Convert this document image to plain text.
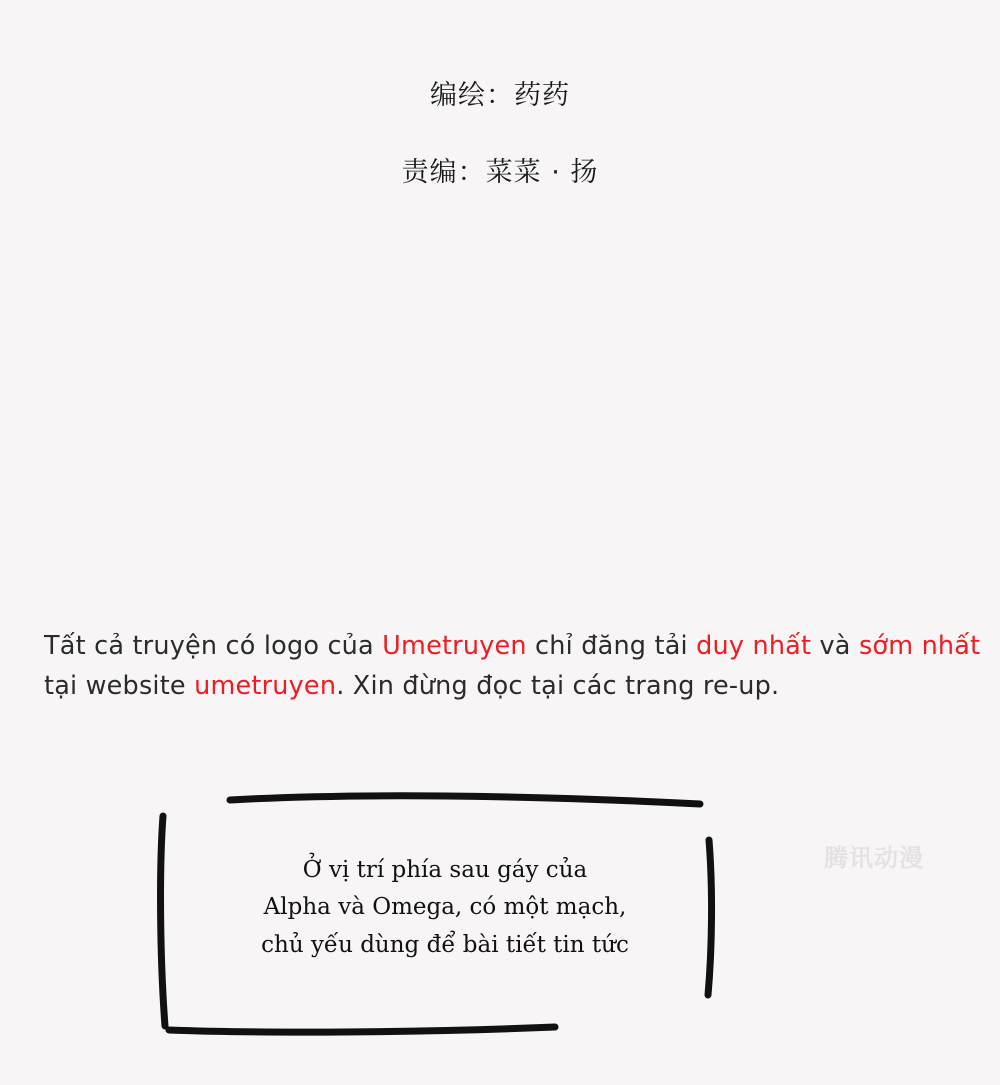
编绘：药药

责编：菜菜 · 扬

Tất cả truyện có logo của Umetruyen chỉ đăng tải duy nhất và sớm nhất tại website umetruyen. Xin đừng đọc tại các trang re-up.
Ở vị trí phía sau gáy của
Alpha và Omega, có một mạch,
chủ yếu dùng để bài tiết tin tức
腾讯动漫
